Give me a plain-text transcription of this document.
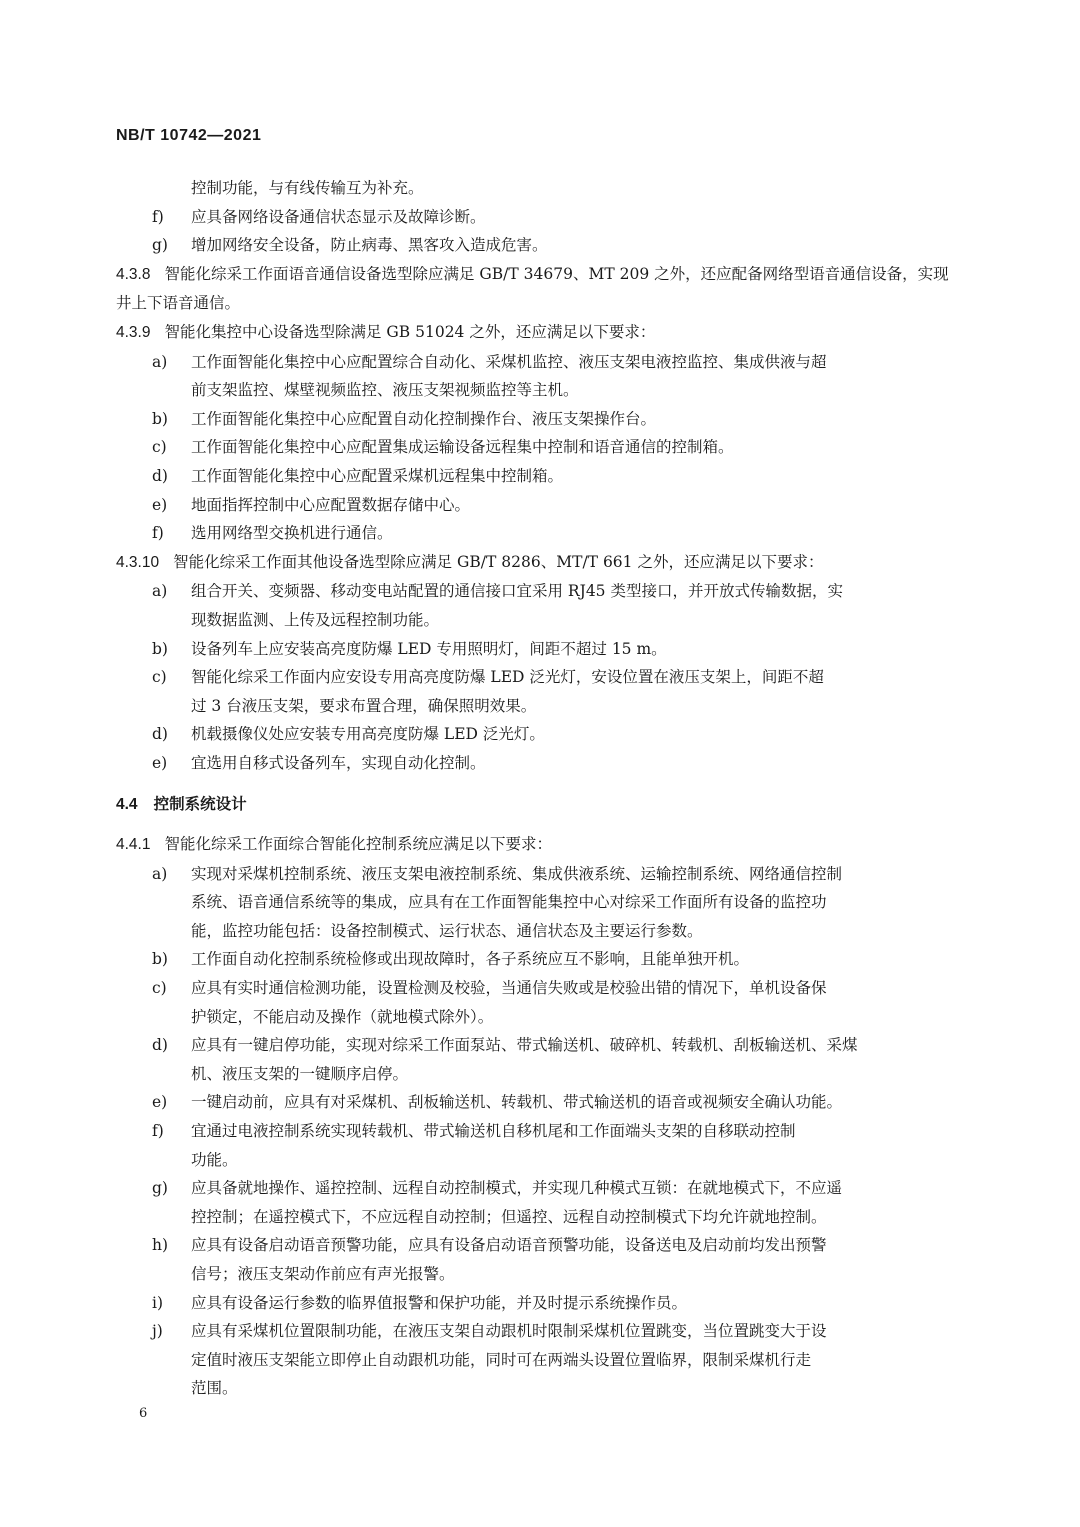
NB/T 10742—2021

控制功能，与有线传输互为补充。

f) 应具备网络设备通信状态显示及故障诊断。
g) 增加网络安全设备，防止病毒、黑客攻入造成危害。

4.3.8 智能化综采工作面语音通信设备选型除应满足 GB/T 34679、MT 209 之外，还应配备网络型语音通信设备，实现井上下语音通信。

4.3.9 智能化集控中心设备选型除满足 GB 51024 之外，还应满足以下要求：

a) 工作面智能化集控中心应配置综合自动化、采煤机监控、液压支架电液控监控、集成供液与超
前支架监控、煤壁视频监控、液压支架视频监控等主机。
b) 工作面智能化集控中心应配置自动化控制操作台、液压支架操作台。
c) 工作面智能化集控中心应配置集成运输设备远程集中控制和语音通信的控制箱。
d) 工作面智能化集控中心应配置采煤机远程集中控制箱。
e) 地面指挥控制中心应配置数据存储中心。
f) 选用网络型交换机进行通信。

4.3.10 智能化综采工作面其他设备选型除应满足 GB/T 8286、MT/T 661 之外，还应满足以下要求：

a) 组合开关、变频器、移动变电站配置的通信接口宜采用 RJ45 类型接口，并开放式传输数据，实
现数据监测、上传及远程控制功能。
b) 设备列车上应安装高亮度防爆 LED 专用照明灯，间距不超过 15 m。
c) 智能化综采工作面内应安设专用高亮度防爆 LED 泛光灯，安设位置在液压支架上，间距不超
过 3 台液压支架，要求布置合理，确保照明效果。
d) 机载摄像仪处应安装专用高亮度防爆 LED 泛光灯。
e) 宜选用自移式设备列车，实现自动化控制。
4.4 控制系统设计

4.4.1 智能化综采工作面综合智能化控制系统应满足以下要求：

a) 实现对采煤机控制系统、液压支架电液控制系统、集成供液系统、运输控制系统、网络通信控制
系统、语音通信系统等的集成，应具有在工作面智能集控中心对综采工作面所有设备的监控功
能，监控功能包括：设备控制模式、运行状态、通信状态及主要运行参数。
b) 工作面自动化控制系统检修或出现故障时，各子系统应互不影响，且能单独开机。
c) 应具有实时通信检测功能，设置检测及校验，当通信失败或是校验出错的情况下，单机设备保
护锁定，不能启动及操作（就地模式除外）。
d) 应具有一键启停功能，实现对综采工作面泵站、带式输送机、破碎机、转载机、刮板输送机、采煤
机、液压支架的一键顺序启停。
e) 一键启动前，应具有对采煤机、刮板输送机、转载机、带式输送机的语音或视频安全确认功能。
f) 宜通过电液控制系统实现转载机、带式输送机自移机尾和工作面端头支架的自移联动控制
功能。
g) 应具备就地操作、遥控控制、远程自动控制模式，并实现几种模式互锁：在就地模式下，不应遥
控控制；在遥控模式下，不应远程自动控制；但遥控、远程自动控制模式下均允许就地控制。
h) 应具有设备启动语音预警功能，应具有设备启动语音预警功能，设备送电及启动前均发出预警
信号；液压支架动作前应有声光报警。
i) 应具有设备运行参数的临界值报警和保护功能，并及时提示系统操作员。
j) 应具有采煤机位置限制功能，在液压支架自动跟机时限制采煤机位置跳变，当位置跳变大于设
定值时液压支架能立即停止自动跟机功能，同时可在两端头设置位置临界，限制采煤机行走
范围。
6
